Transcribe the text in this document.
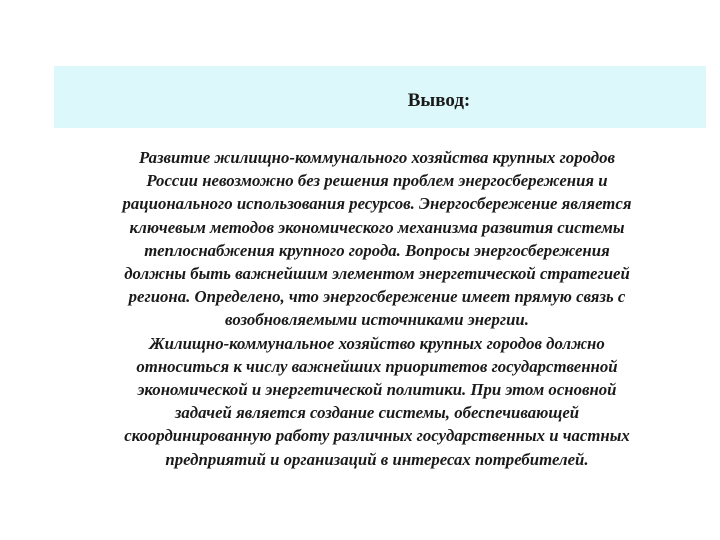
Вывод:
Развитие жилищно-коммунального хозяйства крупных городов
России невозможно без решения проблем энергосбережения и
рационального использования ресурсов. Энергосбережение является
ключевым методов экономического механизма развития системы
теплоснабжения крупного города. Вопросы энергосбережения
должны быть важнейшим элементом энергетической стратегией
региона. Определено, что энергосбережение имеет прямую связь с
возобновляемыми источниками энергии.
Жилищно-коммунальное хозяйство крупных городов должно
относиться к числу важнейших приоритетов государственной
экономической и энергетической политики. При этом основной
задачей является создание системы, обеспечивающей
скоординированную работу различных государственных и частных
предприятий и организаций в интересах потребителей.
